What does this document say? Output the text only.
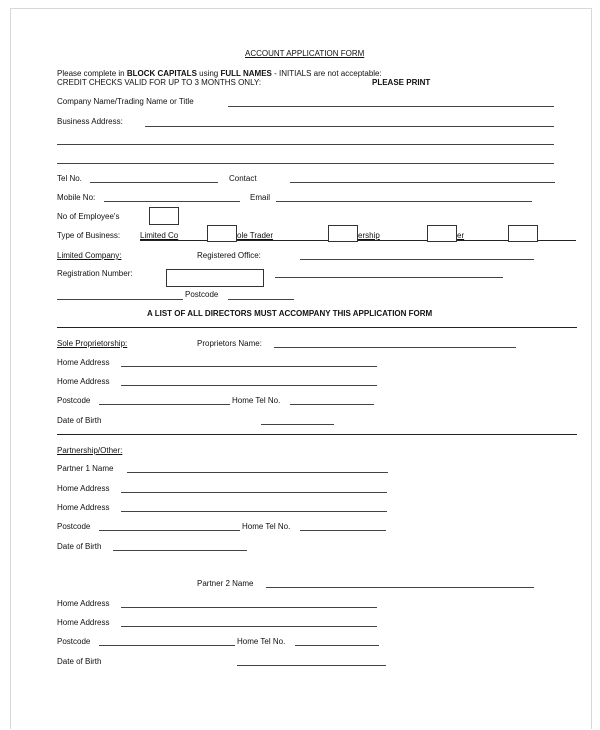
ACCOUNT APPLICATION FORM
Please complete in BLOCK CAPITALS using FULL NAMES - INITIALS are not acceptable:
CREDIT CHECKS VALID FOR UP TO 3 MONTHS ONLY:	PLEASE PRINT
Company Name/Trading Name or Title
Business Address:
Tel No.	Contact
Mobile No:	Email
No of Employee's
Type of Business: Limited Co	ole Trader	ership	er
Limited Company:	Registered Office:
Registration Number:
Postcode
A LIST OF ALL DIRECTORS MUST ACCOMPANY THIS APPLICATION FORM
Sole Proprietorship:	Proprietors Name:
Home Address
Home Address
Postcode	Home Tel No.
Date of Birth
Partnership/Other:
Partner 1 Name
Home Address
Home Address
Postcode	Home Tel No.
Date of Birth
Partner 2 Name
Home Address
Home Address
Postcode	Home Tel No.
Date of Birth
